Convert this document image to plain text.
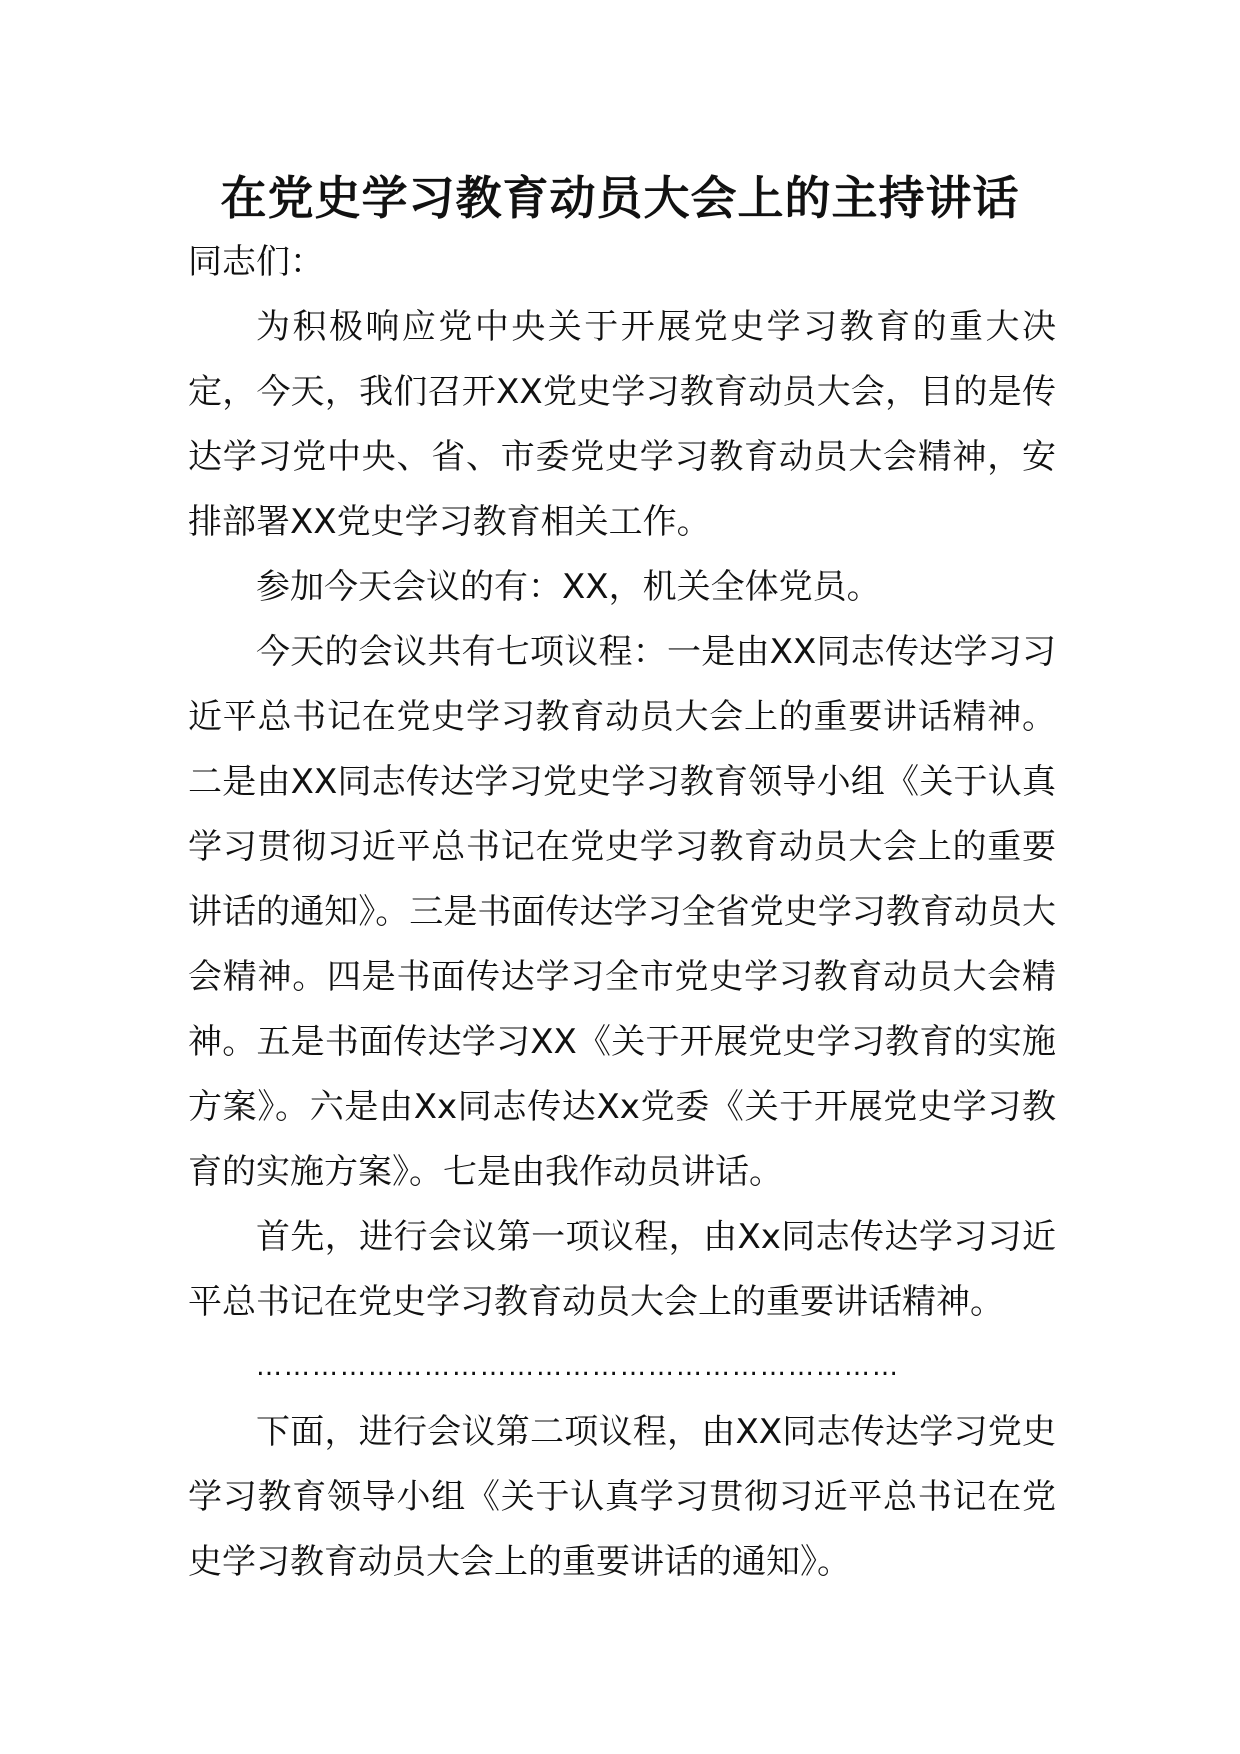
在党史学习教育动员大会上的主持讲话

同志们：

为积极响应党中央关于开展党史学习教育的重大决定，今天，我们召开XX党史学习教育动员大会，目的是传达学习党中央、省、市委党史学习教育动员大会精神，安排部署XX党史学习教育相关工作。

参加今天会议的有：XX，机关全体党员。

今天的会议共有七项议程：一是由XX同志传达学习习近平总书记在党史学习教育动员大会上的重要讲话精神。二是由XX同志传达学习党史学习教育领导小组《关于认真学习贯彻习近平总书记在党史学习教育动员大会上的重要讲话的通知》。三是书面传达学习全省党史学习教育动员大会精神。四是书面传达学习全市党史学习教育动员大会精神。五是书面传达学习XX《关于开展党史学习教育的实施方案》。六是由Xx同志传达Xx党委《关于开展党史学习教育的实施方案》。七是由我作动员讲话。

首先，进行会议第一项议程，由Xx同志传达学习习近平总书记在党史学习教育动员大会上的重要讲话精神。

……………………………………………………………

下面，进行会议第二项议程，由XX同志传达学习党史学习教育领导小组《关于认真学习贯彻习近平总书记在党史学习教育动员大会上的重要讲话的通知》。
